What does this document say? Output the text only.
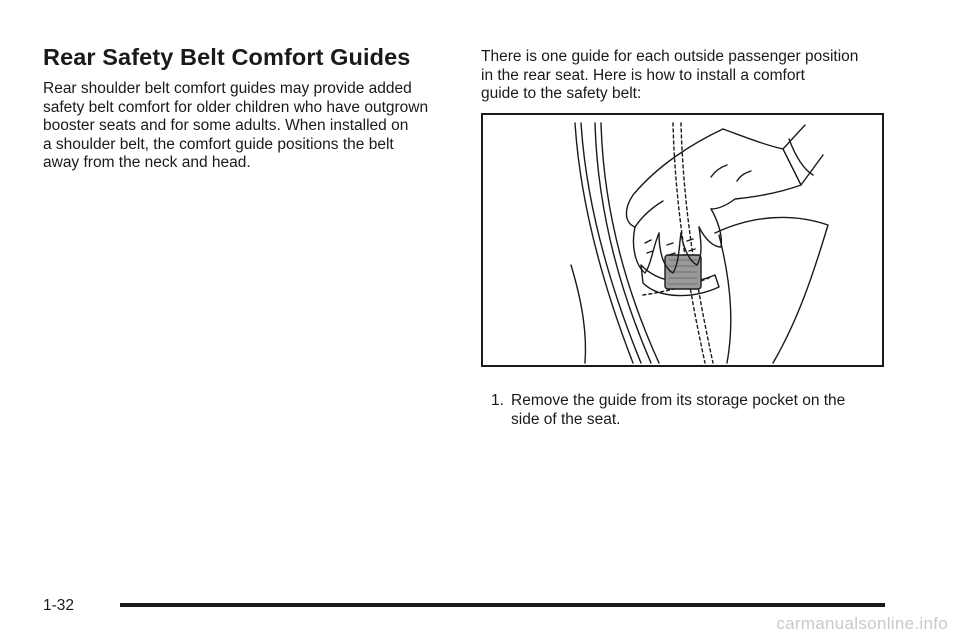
Rear Safety Belt Comfort Guides

Rear shoulder belt comfort guides may provide added
safety belt comfort for older children who have outgrown
booster seats and for some adults. When installed on
a shoulder belt, the comfort guide positions the belt
away from the neck and head.

There is one guide for each outside passenger position
in the rear seat. Here is how to install a comfort
guide to the safety belt:

1. Remove the guide from its storage pocket on the
side of the seat.
1-32
carmanualsonline.info
